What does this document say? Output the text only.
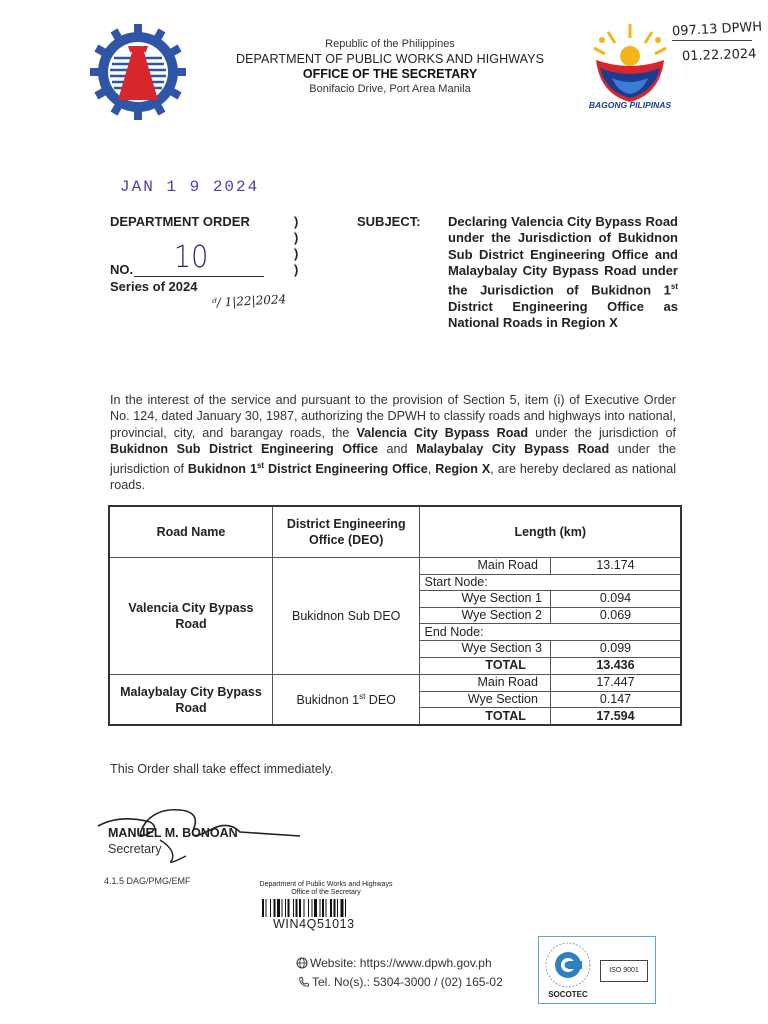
Republic of the Philippines
DEPARTMENT OF PUBLIC WORKS AND HIGHWAYS
OFFICE OF THE SECRETARY
Bonifacio Drive, Port Area Manila
BAGONG PILIPINAS
097.13 DPWH
01.22.2024
JAN 1 9 2024
DEPARTMENT ORDER	)
)
)
)
NO. 10
Series of 2024
ᵈ/ 1|22|2024
SUBJECT: Declaring Valencia City Bypass Road under the Jurisdiction of Bukidnon Sub District Engineering Office and Malaybalay City Bypass Road under the Jurisdiction of Bukidnon 1st District Engineering Office as National Roads in Region X
In the interest of the service and pursuant to the provision of Section 5, item (i) of Executive Order No. 124, dated January 30, 1987, authorizing the DPWH to classify roads and highways into national, provincial, city, and barangay roads, the Valencia City Bypass Road under the jurisdiction of Bukidnon Sub District Engineering Office and Malaybalay City Bypass Road under the jurisdiction of Bukidnon 1st District Engineering Office, Region X, are hereby declared as national roads.
Road Name	District Engineering Office (DEO)	Length (km)
Valencia City Bypass Road	Bukidnon Sub DEO	
Main Road	13.174
Start Node:
Wye Section 1	0.094
Wye Section 2	0.069
End Node:
Wye Section 3	0.099
TOTAL	13.436

Malaybalay City Bypass Road	Bukidnon 1st DEO	
Main Road	17.447
Wye Section	0.147
TOTAL	17.594
This Order shall take effect immediately.
MANUEL M. BONOAN
Secretary
4.1.5 DAG/PMG/EMF	Department of Public Works and Highways
Office of the Secretary
WIN4Q51013
Website: https://www.dpwh.gov.ph
Tel. No(s).: 5304-3000 / (02) 165-02
SOCOTEC
ISO 9001
